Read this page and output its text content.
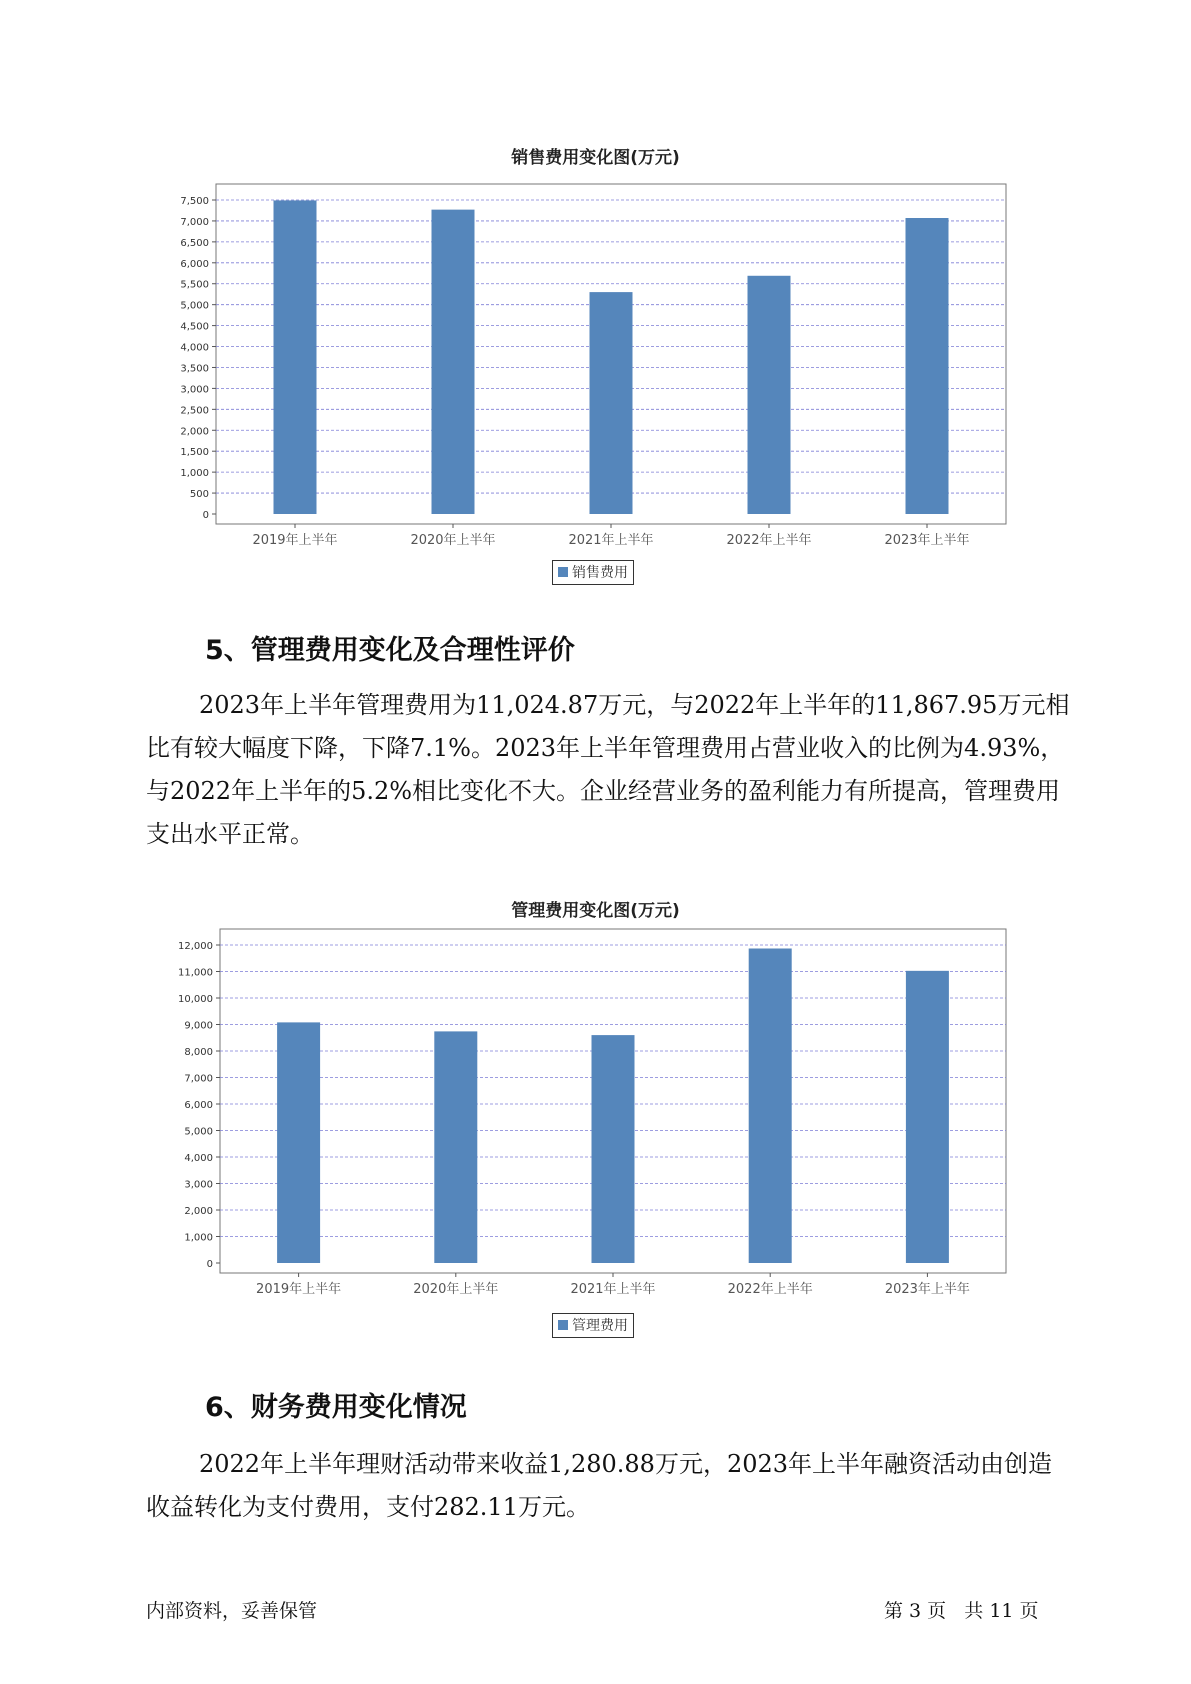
销售费用变化图(万元)
0
500
1,000
1,500
2,000
2,500
3,000
3,500
4,000
4,500
5,000
5,500
6,000
6,500
7,000
7,500
2019年上半年	2020年上半年	2021年上半年	2022年上半年	2023年上半年
销售费用
5、管理费用变化及合理性评价

2023年上半年管理费用为11,024.87万元，与2022年上半年的11,867.95万元相比有较大幅度下降，下降7.1%。2023年上半年管理费用占营业收入的比例为4.93%，与2022年上半年的5.2%相比变化不大。企业经营业务的盈利能力有所提高，管理费用支出水平正常。

管理费用变化图(万元)
0
1,000
2,000
3,000
4,000
5,000
6,000
7,000
8,000
9,000
10,000
11,000
12,000
2019年上半年	2020年上半年	2021年上半年	2022年上半年	2023年上半年
管理费用
6、财务费用变化情况

2022年上半年理财活动带来收益1,280.88万元，2023年上半年融资活动由创造收益转化为支付费用，支付282.11万元。

内部资料，妥善保管	第 3 页   共 11 页
